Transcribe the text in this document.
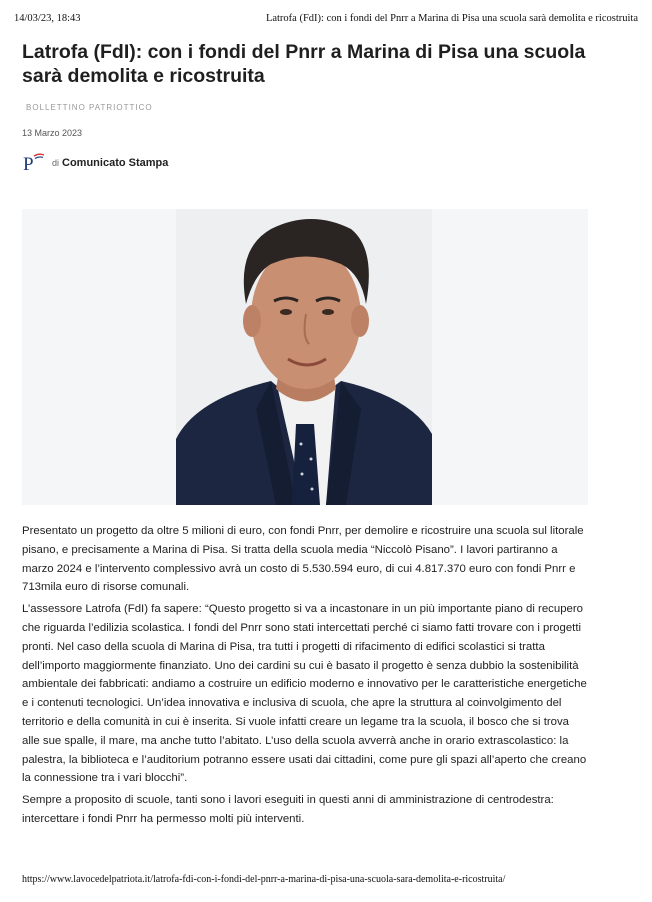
14/03/23, 18:43	Latrofa (FdI): con i fondi del Pnrr a Marina di Pisa una scuola sarà demolita e ricostruita
Latrofa (FdI): con i fondi del Pnrr a Marina di Pisa una scuola sarà demolita e ricostruita
BOLLETTINO PATRIOTTICO
13 Marzo 2023
P di Comunicato Stampa

Presentato un progetto da oltre 5 milioni di euro, con fondi Pnrr, per demolire e ricostruire una scuola sul litorale pisano, e precisamente a Marina di Pisa. Si tratta della scuola media “Niccolò Pisano”. I lavori partiranno a marzo 2024 e l’intervento complessivo avrà un costo di 5.530.594 euro, di cui 4.817.370 euro con fondi Pnrr e 713mila euro di risorse comunali.

L’assessore Latrofa (FdI) fa sapere: “Questo progetto si va a incastonare in un più importante piano di recupero che riguarda l’edilizia scolastica. I fondi del Pnrr sono stati intercettati perché ci siamo fatti trovare con i progetti pronti. Nel caso della scuola di Marina di Pisa, tra tutti i progetti di rifacimento di edifici scolastici si tratta dell’importo maggiormente finanziato. Uno dei cardini su cui è basato il progetto è senza dubbio la sostenibilità ambientale dei fabbricati: andiamo a costruire un edificio moderno e innovativo per le caratteristiche energetiche e i contenuti tecnologici. Un’idea innovativa e inclusiva di scuola, che apre la struttura al coinvolgimento del territorio e della comunità in cui è inserita. Si vuole infatti creare un legame tra la scuola, il bosco che si trova alle sue spalle, il mare, ma anche tutto l’abitato. L’uso della scuola avverrà anche in orario extrascolastico: la palestra, la biblioteca e l’auditorium potranno essere usati dai cittadini, come pure gli spazi all’aperto che creano la connessione tra i vari blocchi”.

Sempre a proposito di scuole, tanti sono i lavori eseguiti in questi anni di amministrazione di centrodestra: intercettare i fondi Pnrr ha permesso molti più interventi.

https://www.lavocedelpatriota.it/latrofa-fdi-con-i-fondi-del-pnrr-a-marina-di-pisa-una-scuola-sara-demolita-e-ricostruita/
